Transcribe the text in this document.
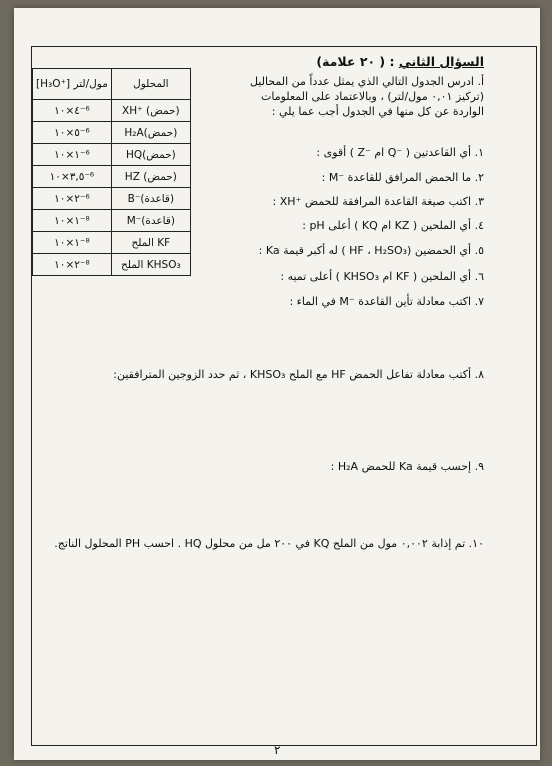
السؤال الثاني : ( ٢٠ علامة)
أ. ادرس الجدول التالي الذي يمثل عدداً من المحاليل (تركيز ٠,٠١ مول/لتر) ، وبالاعتماد على المعلومات الواردة عن كل منها في الجدول أجب عما يلي :
١. أي القاعدتين ( ‎Q⁻‎ ام ‎Z⁻‎ ) أقوى :
٢. ما الحمض المرافق للقاعدة ‎M⁻‎ :
٣. اكتب صيغة القاعدة المرافقة للحمض ‎XH⁺‎ :
٤. أي الملحين ( ‎KZ‎ ام ‎KQ‎ ) أعلى ‎pH‎ :
٥. أي الحمضين (‎HF‎ ، ‎H₂SO₃‎ ) له أكبر قيمة ‎Ka‎ :
٦. أي الملحين ( ‎KF‎ ام ‎KHSO₃‎ ) أعلى تميه :
٧. اكتب معادلة تأين القاعدة ‎M⁻‎ في الماء :
٨. أكتب معادلة تفاعل الحمض ‎HF‎ مع الملح ‎KHSO₃‎ ، ثم حدد الزوجين المترافقين:
٩. إحسب قيمة ‎Ka‎ للحمض ‎H₂A‎ :
١٠. تم إذابة ٠,٠٠٢ مول من الملح ‎KQ‎ في ٢٠٠ مل من محلول ‎HQ‎ . احسب ‎PH‎ المحلول الناتج.
[H₃O⁺] مول/لتر	المحلول
٤×١٠⁻⁶	‎XH⁺‎ (حمض)
٥×١٠⁻⁶	‎H₂A‎(حمض)
١×١٠⁻⁶	‎HQ‎(حمض)
٣,٥×١٠⁻⁶	‎HZ‎ (حمض)
٢×١٠⁻⁶	‎B⁻‎(قاعدة)
١×١٠⁻⁸	‎M⁻‎(قاعدة)
١×١٠⁻⁸	الملح ‎KF‎
٢×١٠⁻⁸	الملح ‎KHSO₃‎
٢
